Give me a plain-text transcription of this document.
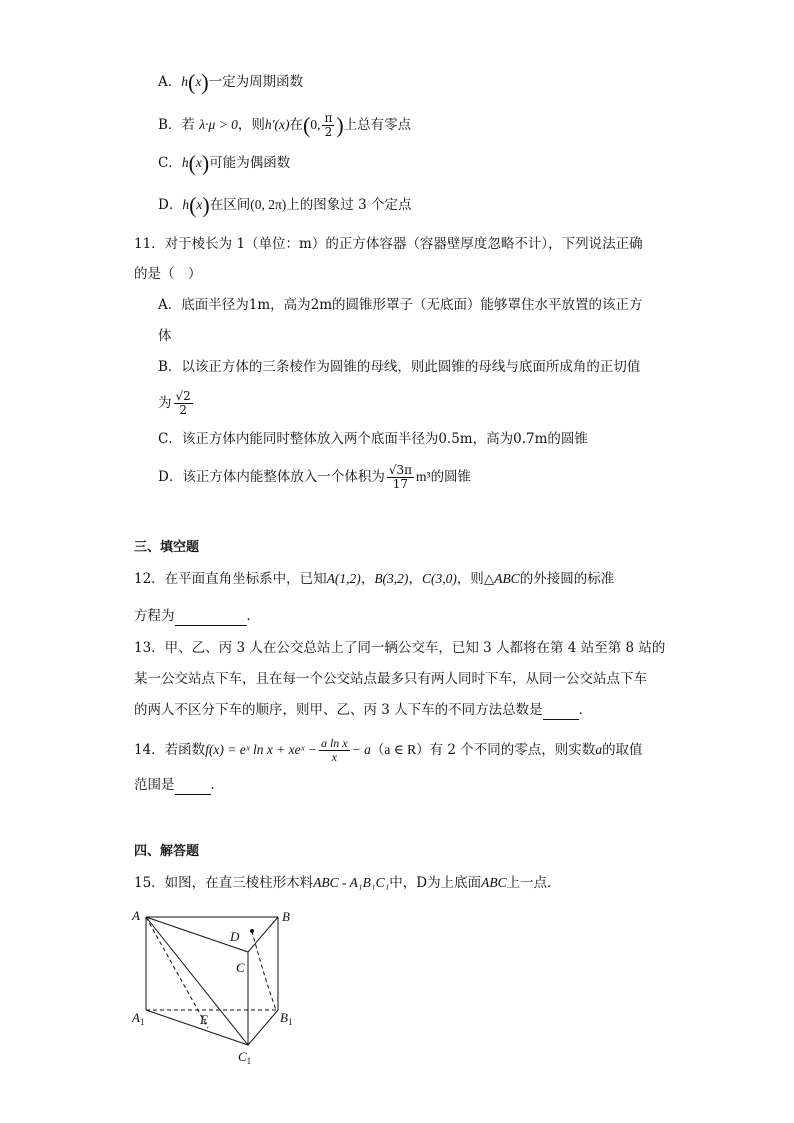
A．h(x)一定为周期函数
B．若 λ·μ > 0，则h′(x)在(0, $\frac{\pi}{2}$ )上总有零点
C．h(x)可能为偶函数
D．h(x)在区间(0, 2π)上的图象过 3 个定点
11．对于棱长为 1（单位：m）的正方体容器（容器壁厚度忽略不计），下列说法正确
的是（　）
A．底面半径为1m，高为2m的圆锥形罩子（无底面）能够罩住水平放置的该正方
体
B．以该正方体的三条棱作为圆锥的母线，则此圆锥的母线与底面所成角的正切值
为 $\frac{√2}{2}$
C．该正方体内能同时整体放入两个底面半径为0.5m，高为0.7m的圆锥
D．该正方体内能整体放入一个体积为 $\frac{√3\pi}{17} m^3$的圆锥
三、填空题
12．在平面直角坐标系中，已知A(1,2)，B(3,2)，C(3,0)，则△ABC的外接圆的标准
方程为	．
13．甲、乙、丙 3 人在公交总站上了同一辆公交车，已知 3 人都将在第 4 站至第 8 站的
某一公交站点下车，且在每一个公交站点最多只有两人同时下车，从同一公交站点下车
的两人不区分下车的顺序，则甲、乙、丙 3 人下车的不同方法总数是	．
14．若函数f(x) = eˣ ln x + xeˣ − $\frac{\text{a ln x}}{x} - a(a$ ∈ R）有 2 个不同的零点，则实数a的取值
范围是	．
四、解答题
15．如图，在直三棱柱形木料ABC - A₁B₁C₁中，D为上底面ABC上一点．
A	B
D
C
$A_1$	$B_1$
E
$C_1$
